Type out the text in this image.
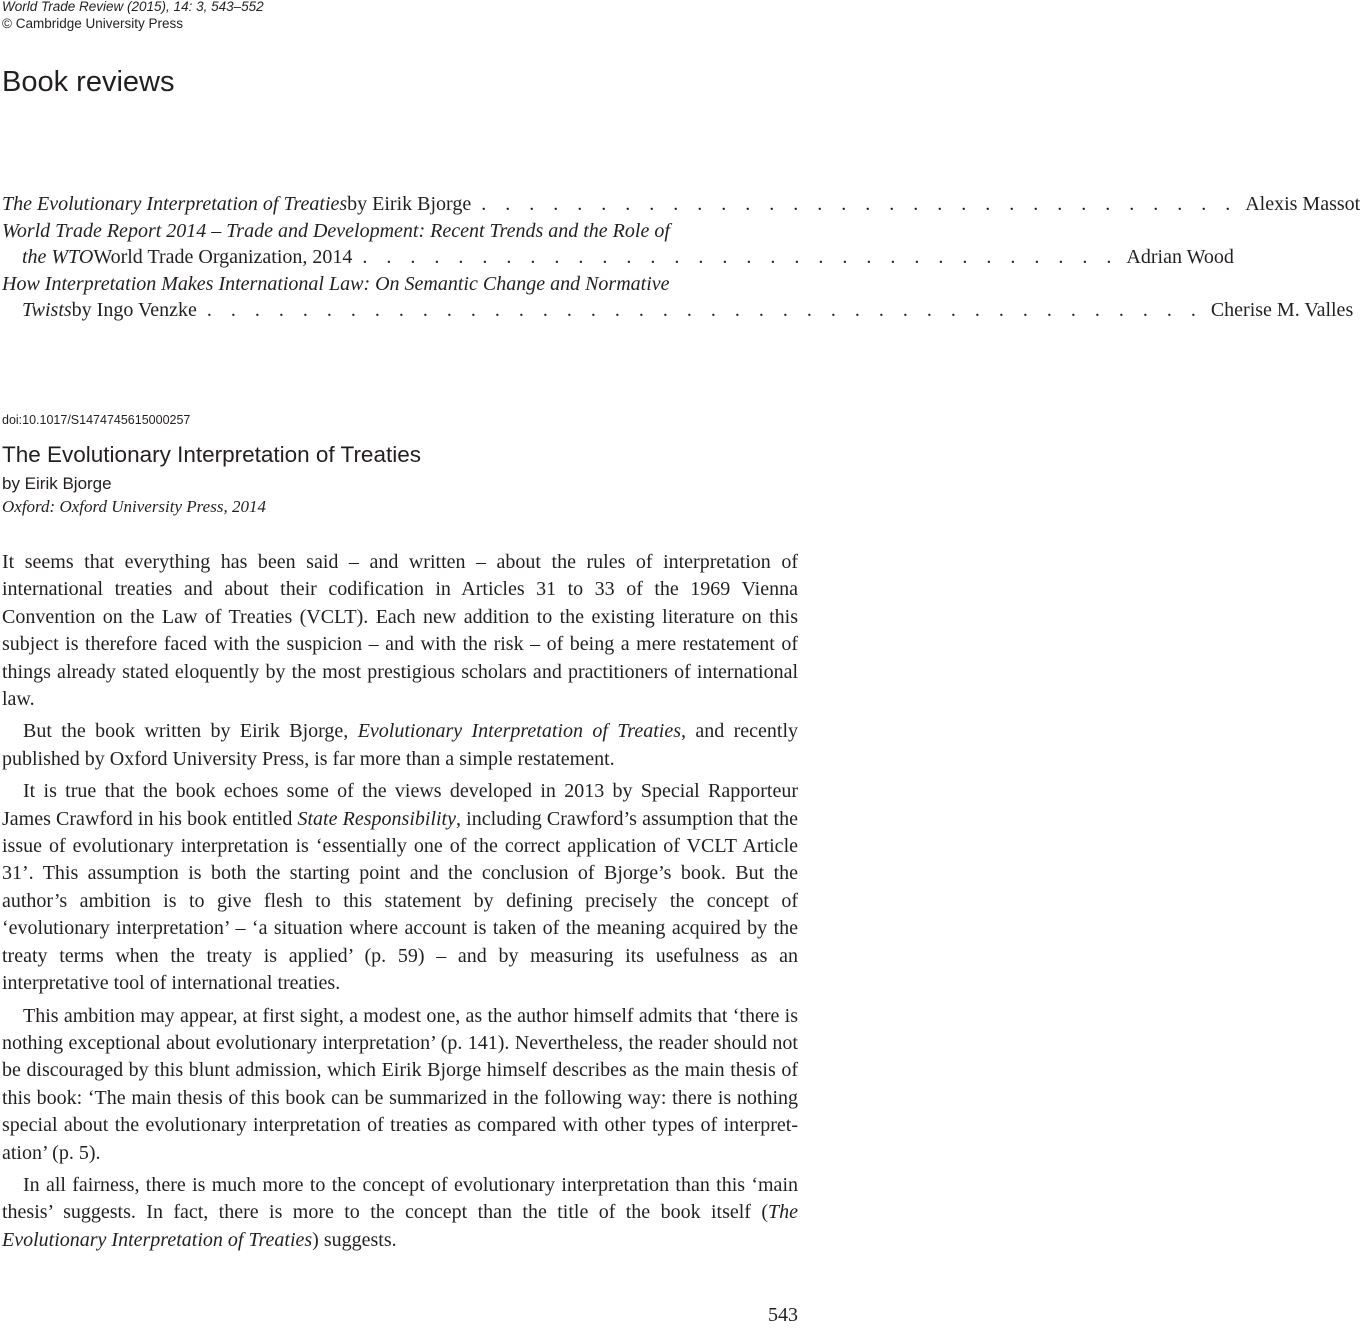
World Trade Review (2015), 14: 3, 543–552
© Cambridge University Press
Book reviews
The Evolutionary Interpretation of Treaties by Eirik Bjorge . . . . . . . . . . . . . . . . . . . . . . . . . . . . . . . . Alexis Massot
World Trade Report 2014 – Trade and Development: Recent Trends and the Role of
the WTO World Trade Organization, 2014 . . . . . . . . . . . . . . . . . . . . . . . . . . . . . . . . Adrian Wood
How Interpretation Makes International Law: On Semantic Change and Normative
Twists by Ingo Venzke . . . . . . . . . . . . . . . . . . . . . . . . . . . . . . . . . . . . . . . . . . Cherise M. Valles
doi:10.1017/S1474745615000257
The Evolutionary Interpretation of Treaties
by Eirik Bjorge
Oxford: Oxford University Press, 2014

It seems that everything has been said – and written – about the rules of interpretation of international treaties and about their codification in Articles 31 to 33 of the 1969 Vienna Convention on the Law of Treaties (VCLT). Each new addition to the existing literature on this subject is therefore faced with the suspicion – and with the risk – of being a mere restatement of things already stated eloquently by the most prestigious scholars and practitioners of international law.

But the book written by Eirik Bjorge, Evolutionary Interpretation of Treaties, and recently published by Oxford University Press, is far more than a simple restatement.

It is true that the book echoes some of the views developed in 2013 by Special Rapporteur James Crawford in his book entitled State Responsibility, including Crawford’s assumption that the issue of evolutionary interpretation is ‘essentially one of the correct application of VCLT Article 31’. This assumption is both the starting point and the conclusion of Bjorge’s book. But the author’s ambition is to give flesh to this statement by defining precisely the concept of ‘evolutionary interpretation’ – ‘a situation where account is taken of the meaning acquired by the treaty terms when the treaty is applied’ (p. 59) – and by measuring its usefulness as an interpretative tool of international treaties.

This ambition may appear, at first sight, a modest one, as the author himself admits that ‘there is nothing exceptional about evolutionary interpretation’ (p. 141). Nevertheless, the reader should not be discouraged by this blunt admission, which Eirik Bjorge himself describes as the main thesis of this book: ‘The main thesis of this book can be summarized in the following way: there is nothing special about the evolutionary interpretation of treaties as compared with other types of interpretation’ (p. 5).

In all fairness, there is much more to the concept of evolutionary interpretation than this ‘main thesis’ suggests. In fact, there is more to the concept than the title of the book itself (The Evolutionary Interpretation of Treaties) suggests.

543
